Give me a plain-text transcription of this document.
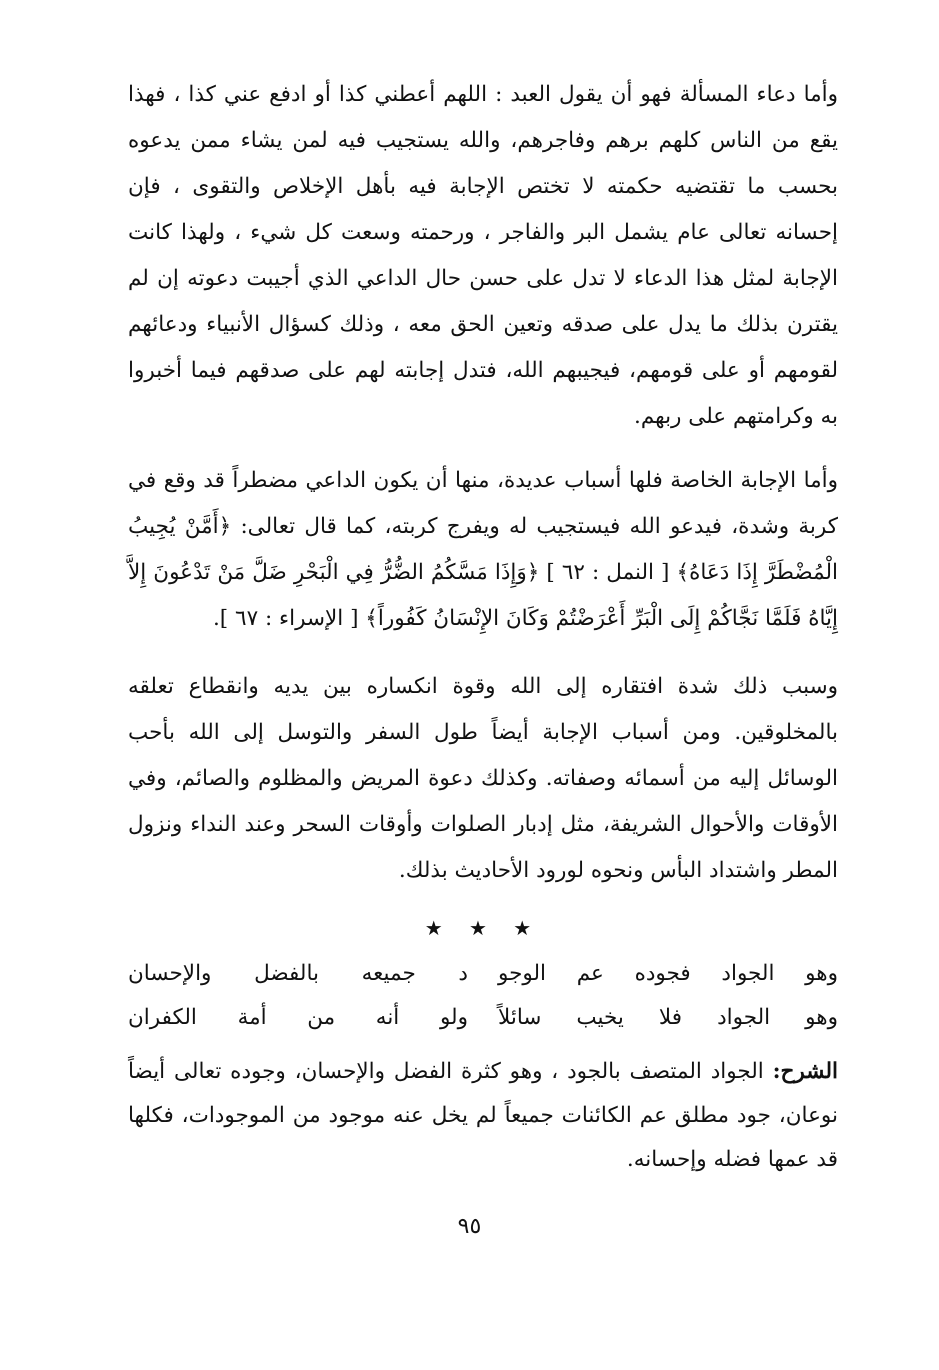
وأما دعاء المسألة فهو أن يقول العبد : اللهم أعطني كذا أو ادفع عني كذا ، فهذا يقع من الناس كلهم برهم وفاجرهم، والله يستجيب فيه لمن يشاء ممن يدعوه بحسب ما تقتضيه حكمته لا تختص الإجابة فيه بأهل الإخلاص والتقوى ، فإن إحسانه تعالى عام يشمل البر والفاجر ، ورحمته وسعت كل شيء ، ولهذا كانت الإجابة لمثل هذا الدعاء لا تدل على حسن حال الداعي الذي أجيبت دعوته إن لم يقترن بذلك ما يدل على صدقه وتعين الحق معه ، وذلك كسؤال الأنبياء ودعائهم لقومهم أو على قومهم، فيجيبهم الله، فتدل إجابته لهم على صدقهم فيما أخبروا به وكرامتهم على ربهم.

وأما الإجابة الخاصة فلها أسباب عديدة، منها أن يكون الداعي مضطراً قد وقع في كربة وشدة، فيدعو الله فيستجيب له ويفرج كربته، كما قال تعالى: ﴿أَمَّنْ يُجِيبُ الْمُضْطَرَّ إِذَا دَعَاهُ﴾ [ النمل : ٦٢ ] ﴿وَإِذَا مَسَّكُمُ الضُّرُّ فِي الْبَحْرِ ضَلَّ مَنْ تَدْعُونَ إِلاَّ إِيَّاهُ فَلَمَّا نَجَّاكُمْ إِلَى الْبَرِّ أَعْرَضْتُمْ وَكَانَ الإِنْسَانُ كَفُوراً﴾ [ الإسراء : ٦٧ ].

وسبب ذلك شدة افتقاره إلى الله وقوة انكساره بين يديه وانقطاع تعلقه بالمخلوقين. ومن أسباب الإجابة أيضاً طول السفر والتوسل إلى الله بأحب الوسائل إليه من أسمائه وصفاته. وكذلك دعوة المريض والمظلوم والصائم، وفي الأوقات والأحوال الشريفة، مثل إدبار الصلوات وأوقات السحر وعند النداء ونزول المطر واشتداد البأس ونحوه لورود الأحاديث بذلك.

★ ★ ★
وهو الجواد فجوده عم الوجو
د جميعه بالفضل والإحسان
وهو الجواد فلا يخيب سائلاً
ولو أنه من أمة الكفران

الشرح: الجواد المتصف بالجود ، وهو كثرة الفضل والإحسان، وجوده تعالى أيضاً نوعان، جود مطلق عم الكائنات جميعاً لم يخل عنه موجود من الموجودات، فكلها قد عمها فضله وإحسانه.

٩٥
